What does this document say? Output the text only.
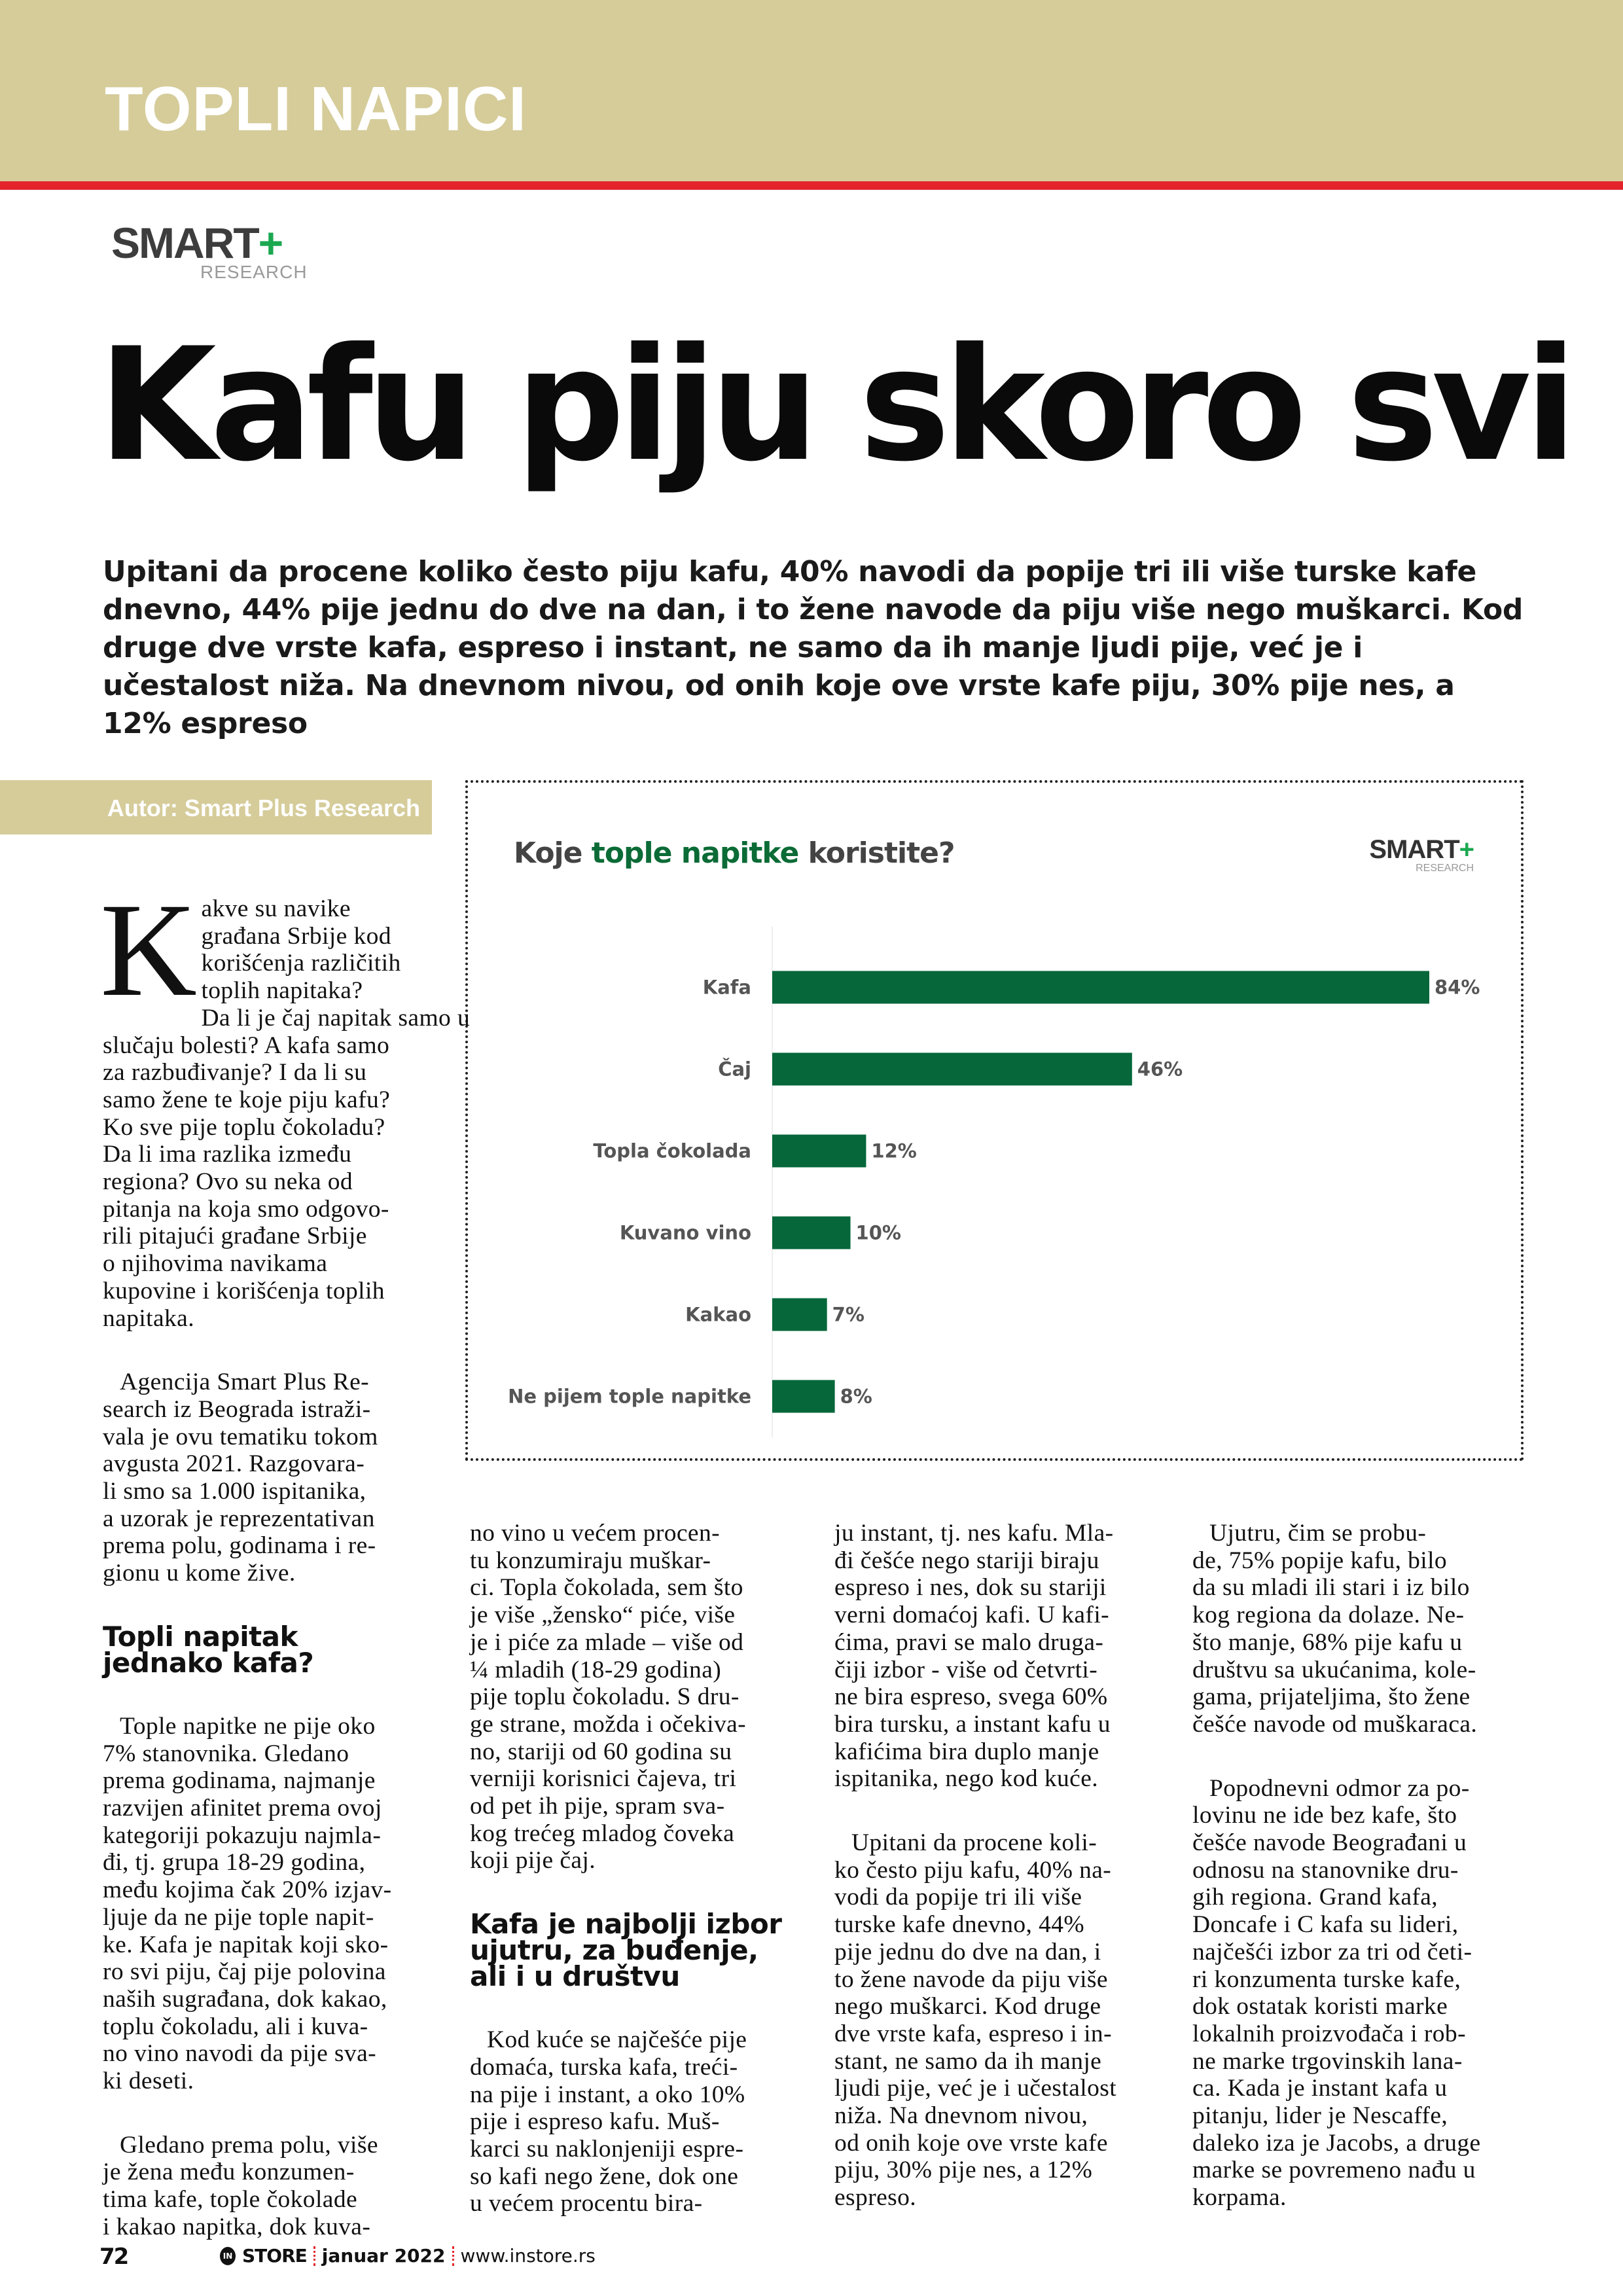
TOPLI NAPICI
SMART+
RESEARCH
Kafu piju skoro svi

Upitani da procene koliko često piju kafu, 40% navodi da popije tri ili više turske kafe dnevno, 44% pije jednu do dve na dan, i to žene navode da piju više nego muškarci. Kod druge dve vrste kafa, espreso i instant, ne samo da ih manje ljudi pije, već je i učestalost niža. Na dnevnom nivou, od onih koje ove vrste kafe piju, 30% pije nes, a 12% espreso

Autor: Smart Plus Research
Koje tople napitke koristite?	SMART+
RESEARCH
Kafa	84%
Čaj	46%
Topla čokolada	12%
Kuvano vino	10%
Kakao	7%
Ne pijem tople napitke	8%
K akve su navike
građana Srbije kod
korišćenja različitih
toplih napitaka?
Da li je čaj napitak samo u
slučaju bolesti? A kafa samo
za razbuđivanje? I da li su
samo žene te koje piju kafu?
Ko sve pije toplu čokoladu?
Da li ima razlika između
regiona? Ovo su neka od
pitanja na koja smo odgovo-
rili pitajući građane Srbije
o njihovima navikama
kupovine i korišćenja toplih
napitaka.
Agencija Smart Plus Re-
search iz Beograda istraži-
vala je ovu tematiku tokom
avgusta 2021. Razgovara-
li smo sa 1.000 ispitanika,
a uzorak je reprezentativan
prema polu, godinama i re-
gionu u kome žive.
Topli napitak
jednako kafa?
Tople napitke ne pije oko
7% stanovnika. Gledano
prema godinama, najmanje
razvijen afinitet prema ovoj
kategoriji pokazuju najmla-
đi, tj. grupa 18-29 godina,
među kojima čak 20% izjav-
ljuje da ne pije tople napit-
ke. Kafa je napitak koji sko-
ro svi piju, čaj pije polovina
naših sugrađana, dok kakao,
toplu čokoladu, ali i kuva-
no vino navodi da pije sva-
ki deseti.
Gledano prema polu, više
je žena među konzumen-
tima kafe, tople čokolade
i kakao napitka, dok kuva-
no vino u većem procen-
tu konzumiraju muškar-
ci. Topla čokolada, sem što
je više „žensko“ piće, više
je i piće za mlade – više od
¼ mladih (18-29 godina)
pije toplu čokoladu. S dru-
ge strane, možda i očekiva-
no, stariji od 60 godina su
verniji korisnici čajeva, tri
od pet ih pije, spram sva-
kog trećeg mladog čoveka
koji pije čaj.
Kafa je najbolji izbor
ujutru, za buđenje,
ali i u društvu
Kod kuće se najčešće pije
domaća, turska kafa, treći-
na pije i instant, a oko 10%
pije i espreso kafu. Muš-
karci su naklonjeniji espre-
so kafi nego žene, dok one
u većem procentu bira-
ju instant, tj. nes kafu. Mla-
đi češće nego stariji biraju
espreso i nes, dok su stariji
verni domaćoj kafi. U kafi-
ćima, pravi se malo druga-
čiji izbor - više od četvrti-
ne bira espreso, svega 60%
bira tursku, a instant kafu u
kafićima bira duplo manje
ispitanika, nego kod kuće.
Upitani da procene koli-
ko često piju kafu, 40% na-
vodi da popije tri ili više
turske kafe dnevno, 44%
pije jednu do dve na dan, i
to žene navode da piju više
nego muškarci. Kod druge
dve vrste kafa, espreso i in-
stant, ne samo da ih manje
ljudi pije, već je i učestalost
niža. Na dnevnom nivou,
od onih koje ove vrste kafe
piju, 30% pije nes, a 12%
espreso.
Ujutru, čim se probu-
de, 75% popije kafu, bilo
da su mladi ili stari i iz bilo
kog regiona da dolaze. Ne-
što manje, 68% pije kafu u
društvu sa ukućanima, kole-
gama, prijateljima, što žene
češće navode od muškaraca.
Popodnevni odmor za po-
lovinu ne ide bez kafe, što
češće navode Beograđani u
odnosu na stanovnike dru-
gih regiona. Grand kafa,
Doncafe i C kafa su lideri,
najčešći izbor za tri od četi-
ri konzumenta turske kafe,
dok ostatak koristi marke
lokalnih proizvođača i rob-
ne marke trgovinskih lana-
ca. Kada je instant kafa u
pitanju, lider je Nescaffe,
daleko iza je Jacobs, a druge
marke se povremeno nađu u
korpama.
72	IN STORE januar 2022 www.instore.rs
